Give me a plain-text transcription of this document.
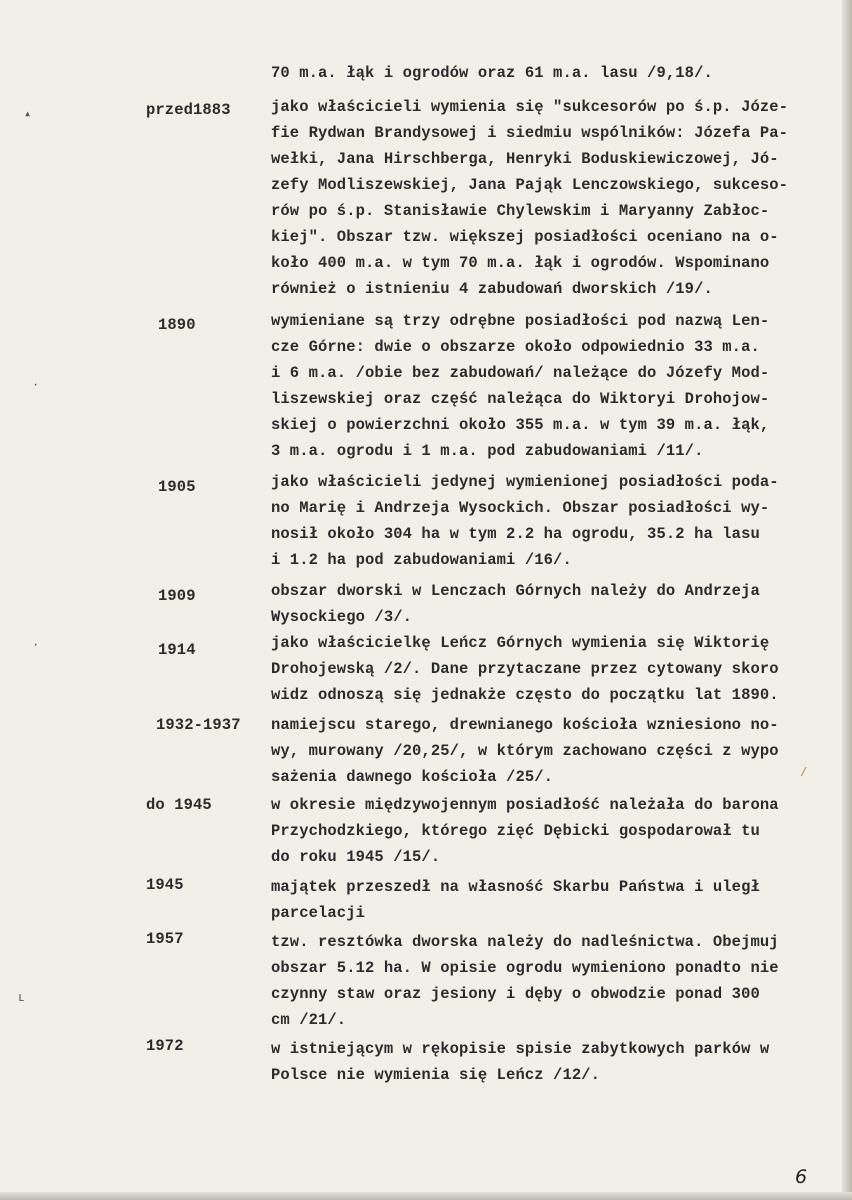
70 m.a. łąk i ogrodów oraz 61 m.a. lasu /9,18/.
przed1883	jako właścicieli wymienia się "sukcesorów po ś.p. Józe-
fie Rydwan Brandysowej i siedmiu wspólników: Józefa Pa-
wełki, Jana Hirschberga, Henryki Boduskiewiczowej, Jó-
zefy Modliszewskiej, Jana Pająk Lenczowskiego, sukceso-
rów po ś.p. Stanisławie Chylewskim i Maryanny Zabłoc-
kiej". Obszar tzw. większej posiadłości oceniano na o-
koło 400 m.a. w tym 70 m.a. łąk i ogrodów. Wspominano
również o istnieniu 4 zabudowań dworskich /19/.
1890	wymieniane są trzy odrębne posiadłości pod nazwą Len-
cze Górne: dwie o obszarze około odpowiednio 33 m.a.
i 6 m.a. /obie bez zabudowań/ należące do Józefy Mod-
liszewskiej oraz część należąca do Wiktoryi Drohojow-
skiej o powierzchni około 355 m.a. w tym 39 m.a. łąk,
3 m.a. ogrodu i 1 m.a. pod zabudowaniami /11/.
1905	jako właścicieli jedynej wymienionej posiadłości poda-
no Marię i Andrzeja Wysockich. Obszar posiadłości wy-
nosił około 304 ha w tym 2.2 ha ogrodu, 35.2 ha lasu
i 1.2 ha pod zabudowaniami /16/.
1909	obszar dworski w Lenczach Górnych należy do Andrzeja
Wysockiego /3/.
1914	jako właścicielkę Leńcz Górnych wymienia się Wiktorię
Drohojewską /2/. Dane przytaczane przez cytowany skoro
widz odnoszą się jednakże często do początku lat 1890.
1932-1937 namiejscu starego, drewnianego kościoła wzniesiono no-
wy, murowany /20,25/, w którym zachowano części z wypo
sażenia dawnego kościoła /25/.
do 1945	w okresie międzywojennym posiadłość należała do barona
Przychodzkiego, którego zięć Dębicki gospodarował tu
do roku 1945 /15/.
1945	majątek przeszedł na własność Skarbu Państwa i uległ
parcelacji
1957	tzw. resztówka dworska należy do nadleśnictwa. Obejmuj
obszar 5.12 ha. W opisie ogrodu wymieniono ponadto nie
czynny staw oraz jesiony i dęby o obwodzie ponad 300
cm /21/.
1972	w istniejącym w rękopisie spisie zabytkowych parków w
Polsce nie wymienia się Leńcz /12/.
▴
·
·
ւ
/
6
